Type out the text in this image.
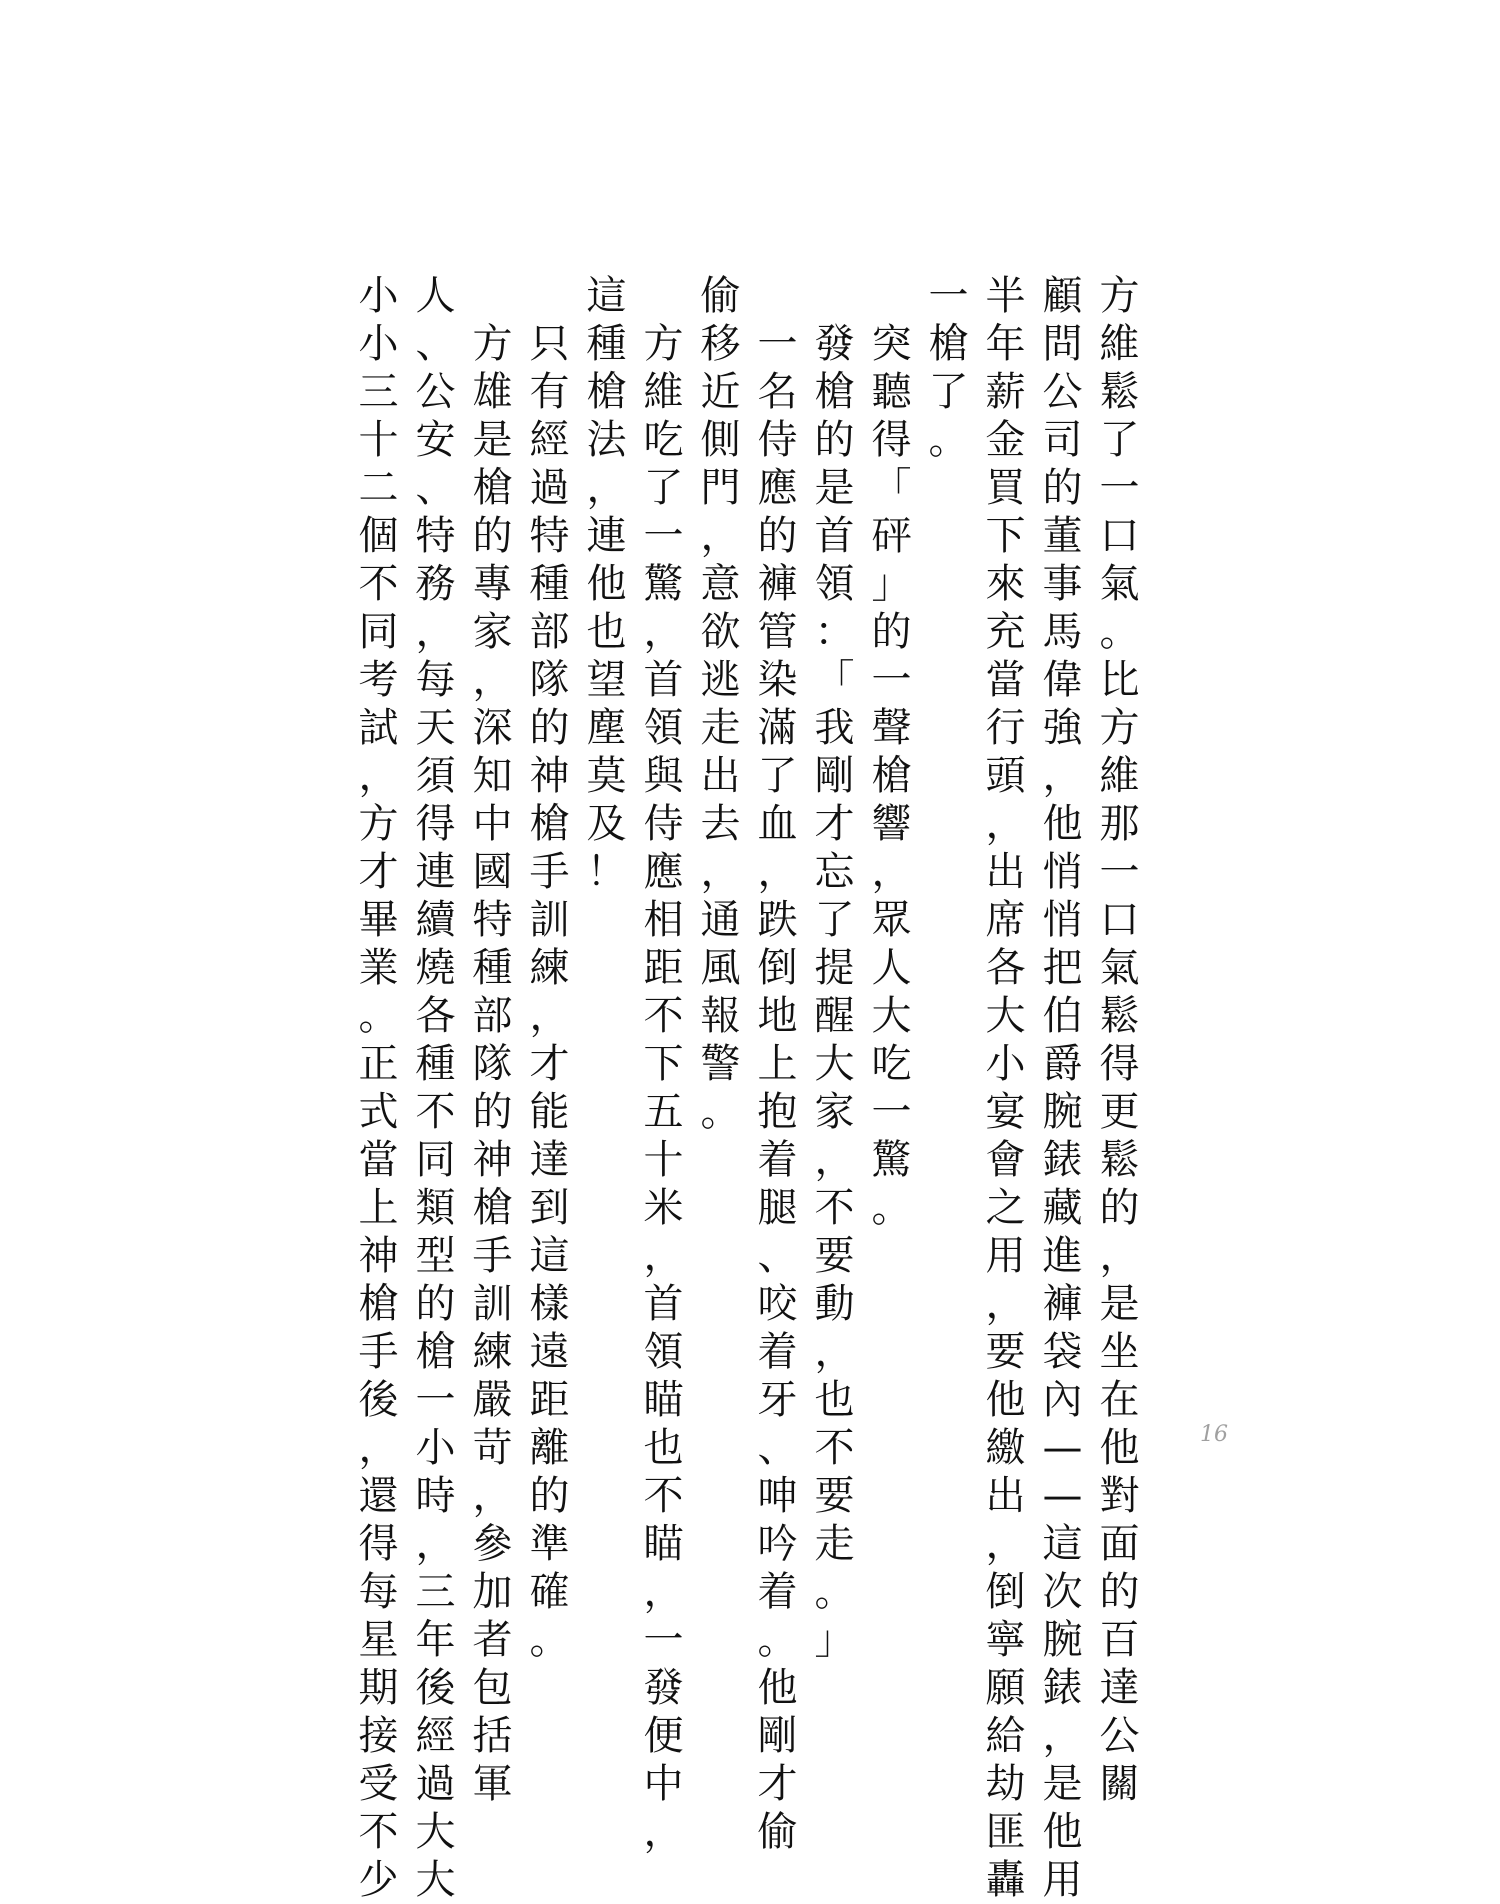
方
維
鬆
了
一
口
氣
。
比
方
維
那
一
口
氣
鬆
得
更
鬆
的
，
是
坐
在
他
對
面
的
百
達
公
關
顧
問
公
司
的
董
事
馬
偉
強
，
他
悄
悄
把
伯
爵
腕
錶
藏
進
褲
袋
內
—
—
這
次
腕
錶
，
是
他
用
半
年
薪
金
買
下
來
充
當
行
頭
，
出
席
各
大
小
宴
會
之
用
，
要
他
繳
出
，
倒
寧
願
給
劫
匪
轟
一
槍
了
。

突
聽
得
「
砰
」
的
一
聲
槍
響
，
眾
人
大
吃
一
驚
。

發
槍
的
是
首
領
：
「
我
剛
才
忘
了
提
醒
大
家
，
不
要
動
，
也
不
要
走
。
」

一
名
侍
應
的
褲
管
染
滿
了
血
，
跌
倒
地
上
抱
着
腿
、
咬
着
牙
、
呻
吟
着
。
他
剛
才
偷
偷
移
近
側
門
，
意
欲
逃
走
出
去
，
通
風
報
警
。

方
維
吃
了
一
驚
，
首
領
與
侍
應
相
距
不
下
五
十
米
，
首
領
瞄
也
不
瞄
，
一
發
便
中
，
這
種
槍
法
，
連
他
也
望
塵
莫
及
！

只
有
經
過
特
種
部
隊
的
神
槍
手
訓
練
，
才
能
達
到
這
樣
遠
距
離
的
準
確
。

方
雄
是
槍
的
專
家
，
深
知
中
國
特
種
部
隊
的
神
槍
手
訓
練
嚴
苛
，
參
加
者
包
括
軍
人
、
公
安
、
特
務
，
每
天
須
得
連
續
燒
各
種
不
同
類
型
的
槍
一
小
時
，
三
年
後
經
過
大
大
小
小
三
十
二
個
不
同
考
試
，
方
才
畢
業
。
正
式
當
上
神
槍
手
後
，
還
得
每
星
期
接
受
不
少
16
